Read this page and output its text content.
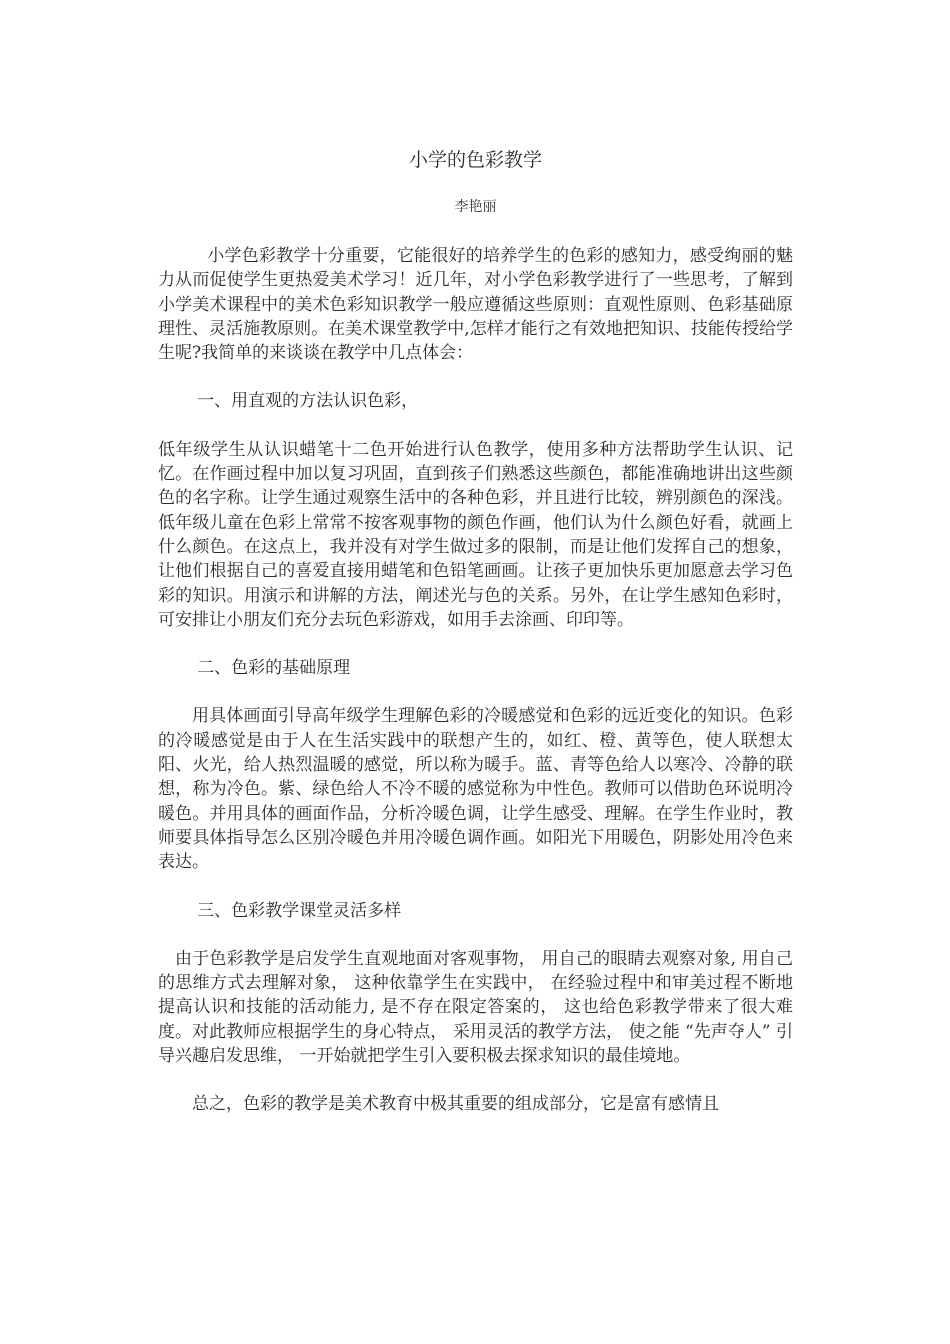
小学的色彩教学
李艳丽

小学色彩教学十分重要，它能很好的培养学生的色彩的感知力，感受绚丽的魅力从而促使学生更热爱美术学习！近几年，对小学色彩教学进行了一些思考，了解到小学美术课程中的美术色彩知识教学一般应遵循这些原则：直观性原则、色彩基础原理性、灵活施教原则。在美术课堂教学中,怎样才能行之有效地把知识、技能传授给学生呢?我简单的来谈谈在教学中几点体会：

一、用直观的方法认识色彩，

低年级学生从认识蜡笔十二色开始进行认色教学，使用多种方法帮助学生认识、记忆。在作画过程中加以复习巩固，直到孩子们熟悉这些颜色，都能准确地讲出这些颜色的名字称。让学生通过观察生活中的各种色彩，并且进行比较，辨别颜色的深浅。低年级儿童在色彩上常常不按客观事物的颜色作画，他们认为什么颜色好看，就画上什么颜色。在这点上，我并没有对学生做过多的限制，而是让他们发挥自己的想象，让他们根据自己的喜爱直接用蜡笔和色铅笔画画。让孩子更加快乐更加愿意去学习色彩的知识。用演示和讲解的方法，阐述光与色的关系。另外，在让学生感知色彩时，可安排让小朋友们充分去玩色彩游戏，如用手去涂画、印印等。

二、色彩的基础原理

用具体画面引导高年级学生理解色彩的冷暖感觉和色彩的远近变化的知识。色彩的冷暖感觉是由于人在生活实践中的联想产生的，如红、橙、黄等色，使人联想太阳、火光，给人热烈温暖的感觉，所以称为暖手。蓝、青等色给人以寒冷、冷静的联想，称为冷色。紫、绿色给人不冷不暖的感觉称为中性色。教师可以借助色环说明冷暖色。并用具体的画面作品，分析冷暖色调，让学生感受、理解。在学生作业时，教师要具体指导怎么区别冷暖色并用冷暖色调作画。如阳光下用暖色，阴影处用冷色来表达。

三、色彩教学课堂灵活多样

由于色彩教学是启发学生直观地面对客观事物， 用自己的眼睛去观察对象, 用自己的思维方式去理解对象， 这种依靠学生在实践中， 在经验过程中和审美过程不断地提高认识和技能的活动能力, 是不存在限定答案的， 这也给色彩教学带来了很大难度。对此教师应根据学生的身心特点， 采用灵活的教学方法， 使之能 “先声夺人” 引导兴趣启发思维， 一开始就把学生引入要积极去探求知识的最佳境地。

总之，色彩的教学是美术教育中极其重要的组成部分，它是富有感情且
